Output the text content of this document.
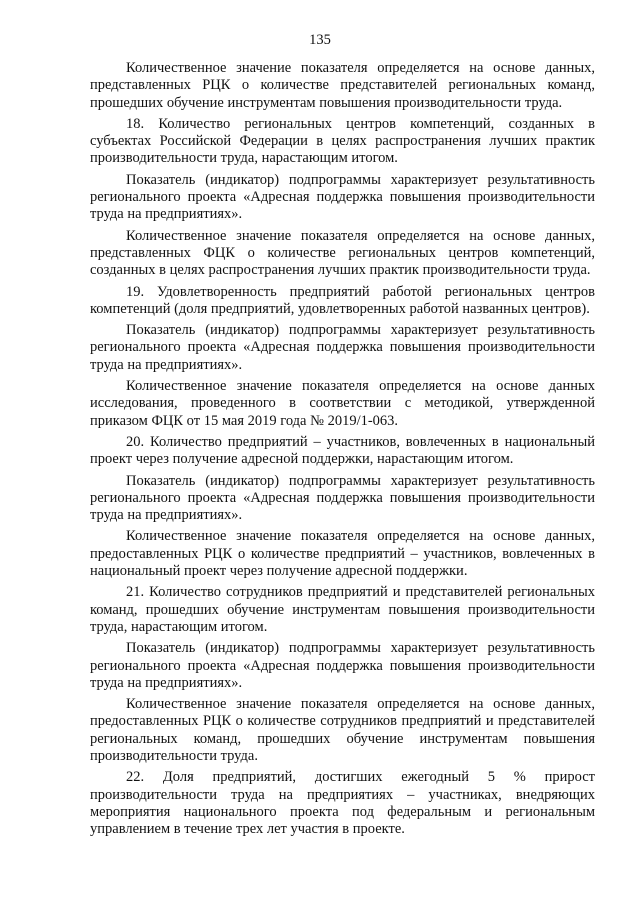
135

Количественное значение показателя определяется на основе данных, представленных РЦК о количестве представителей региональных команд, прошедших обучение инструментам повышения производительности труда.

18. Количество региональных центров компетенций, созданных в субъектах Российской Федерации в целях распространения лучших практик производительности труда, нарастающим итогом.

Показатель (индикатор) подпрограммы характеризует результативность регионального проекта «Адресная поддержка повышения производительности труда на предприятиях».

Количественное значение показателя определяется на основе данных, представленных ФЦК о количестве региональных центров компетенций, созданных в целях распространения лучших практик производительности труда.

19. Удовлетворенность предприятий работой региональных центров компетенций (доля предприятий, удовлетворенных работой названных центров).

Показатель (индикатор) подпрограммы характеризует результативность регионального проекта «Адресная поддержка повышения производительности труда на предприятиях».

Количественное значение показателя определяется на основе данных исследования, проведенного в соответствии с методикой, утвержденной приказом ФЦК от 15 мая 2019 года № 2019/1-063.

20. Количество предприятий – участников, вовлеченных в национальный проект через получение адресной поддержки, нарастающим итогом.

Показатель (индикатор) подпрограммы характеризует результативность регионального проекта «Адресная поддержка повышения производительности труда на предприятиях».

Количественное значение показателя определяется на основе данных, предоставленных РЦК о количестве предприятий – участников, вовлеченных в национальный проект через получение адресной поддержки.

21. Количество сотрудников предприятий и представителей региональных команд, прошедших обучение инструментам повышения производительности труда, нарастающим итогом.

Показатель (индикатор) подпрограммы характеризует результативность регионального проекта «Адресная поддержка повышения производительности труда на предприятиях».

Количественное значение показателя определяется на основе данных, предоставленных РЦК о количестве сотрудников предприятий и представителей региональных команд, прошедших обучение инструментам повышения производительности труда.

22. Доля предприятий, достигших ежегодный 5 % прирост производительности труда на предприятиях – участниках, внедряющих мероприятия национального проекта под федеральным и региональным управлением в течение трех лет участия в проекте.
